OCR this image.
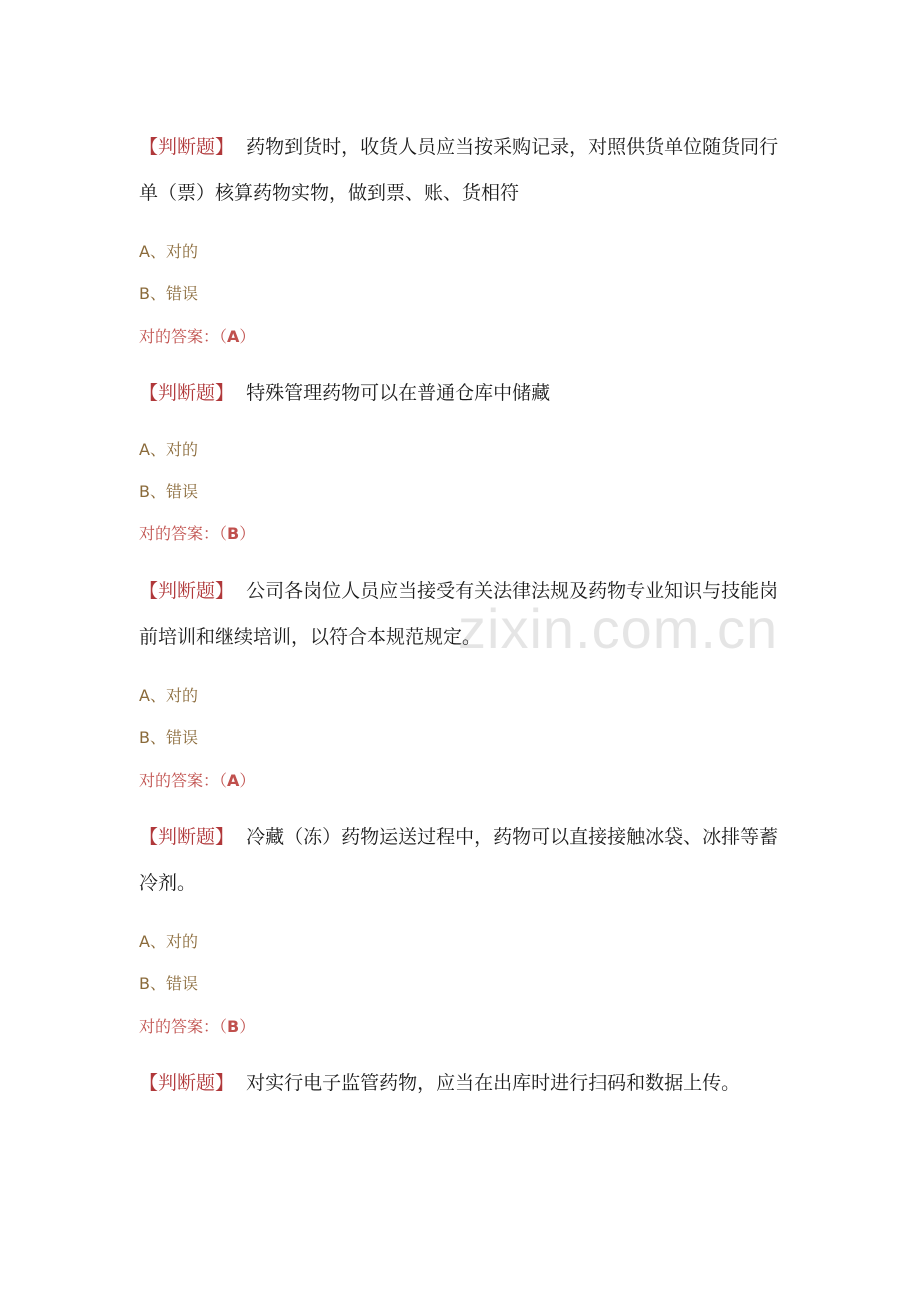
【判断题】 药物到货时，收货人员应当按采购记录，对照供货单位随货同行单（票）核算药物实物，做到票、账、货相符

A、对的

B、错误

对的答案：（A）

【判断题】 特殊管理药物可以在普通仓库中储藏

A、对的

B、错误

对的答案：（B）

【判断题】 公司各岗位人员应当接受有关法律法规及药物专业知识与技能岗前培训和继续培训，以符合本规范规定。

A、对的

B、错误

对的答案：（A）

【判断题】 冷藏（冻）药物运送过程中，药物可以直接接触冰袋、冰排等蓄冷剂。

A、对的

B、错误

对的答案：（B）

【判断题】 对实行电子监管药物，应当在出库时进行扫码和数据上传。

zixin.com.cn
